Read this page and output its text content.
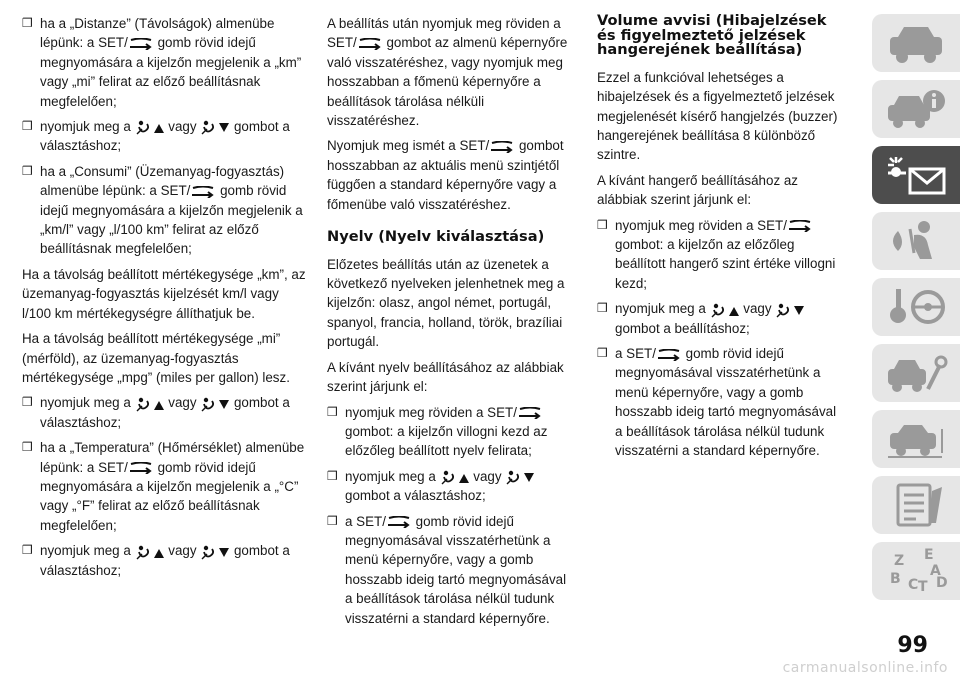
❒ ha a „Distanze” (Távolságok) almenübe lépünk: a SET/
gomb rövid idejű megnyomására a kijelzőn megjelenik a „km” vagy „mi” felirat az előző beállításnak megfelelően;
❒ nyomjuk meg a
vagy
gombot a választáshoz;
❒ ha a „Consumi” (Üzemanyag-fogyasztás) almenübe lépünk: a SET/
gomb rövid idejű megnyomására a kijelzőn megjelenik a „km/l” vagy „l/100 km” felirat az előző beállításnak megfelelően;
Ha a távolság beállított mértékegysége „km”, az üzemanyag-fogyasztás kijelzését km/l vagy l/100 km mértékegységre állíthatjuk be.
Ha a távolság beállított mértékegysége „mi” (mérföld), az üzemanyag-fogyasztás mértékegysége „mpg” (miles per gallon) lesz.
❒ nyomjuk meg a
vagy
gombot a választáshoz;
❒ ha a „Temperatura” (Hőmérséklet) almenübe lépünk: a SET/
gomb rövid idejű megnyomására a kijelzőn megjelenik a „°C” vagy „°F” felirat az előző beállításnak megfelelően;
❒ nyomjuk meg a
vagy
gombot a választáshoz;
A beállítás után nyomjuk meg röviden a SET/
gombot az almenü képernyőre való visszatéréshez, vagy nyomjuk meg hosszabban a főmenü képernyőre a beállítások tárolása nélküli visszatéréshez.
Nyomjuk meg ismét a SET/
gombot hosszabban az aktuális menü szintjétől függően a standard képernyőre vagy a főmenübe való visszatéréshez.
Nyelv (Nyelv kiválasztása)
Előzetes beállítás után az üzenetek a következő nyelveken jelenhetnek meg a kijelzőn: olasz, angol német, portugál, spanyol, francia, holland, török, brazíliai portugál.
A kívánt nyelv beállításához az alábbiak szerint járjunk el:
❒ nyomjuk meg röviden a SET/
gombot: a kijelzőn villogni kezd az előzőleg beállított nyelv felirata;
❒ nyomjuk meg a
vagy
gombot a választáshoz;
❒ a SET/
gomb rövid idejű megnyomásával visszatérhetünk a menü képernyőre, vagy a gomb hosszabb ideig tartó megnyomásával a beállítások tárolása nélkül tudunk visszatérni a standard képernyőre.
Volume avvisi (Hibajelzések és figyelmeztető jelzések hangerejének beállítása)
Ezzel a funkcióval lehetséges a hibajelzések és a figyelmeztető jelzések megjelenését kísérő hangjelzés (buzzer) hangerejének beállítása 8 különböző szintre.
A kívánt hangerő beállításához az alábbiak szerint járjunk el:
❒ nyomjuk meg röviden a SET/
gombot: a kijelzőn az előzőleg beállított hangerő szint értéke villogni kezd;
❒ nyomjuk meg a
vagy
gombot a beállításhoz;
❒ a SET/
gomb rövid idejű megnyomásával visszatérhetünk a menü képernyőre, vagy a gomb hosszabb ideig tartó megnyomásával a beállítások tárolása nélkül tudunk visszatérni a standard képernyőre.
Z E
A
B C T D
99
carmanualsonline.info
